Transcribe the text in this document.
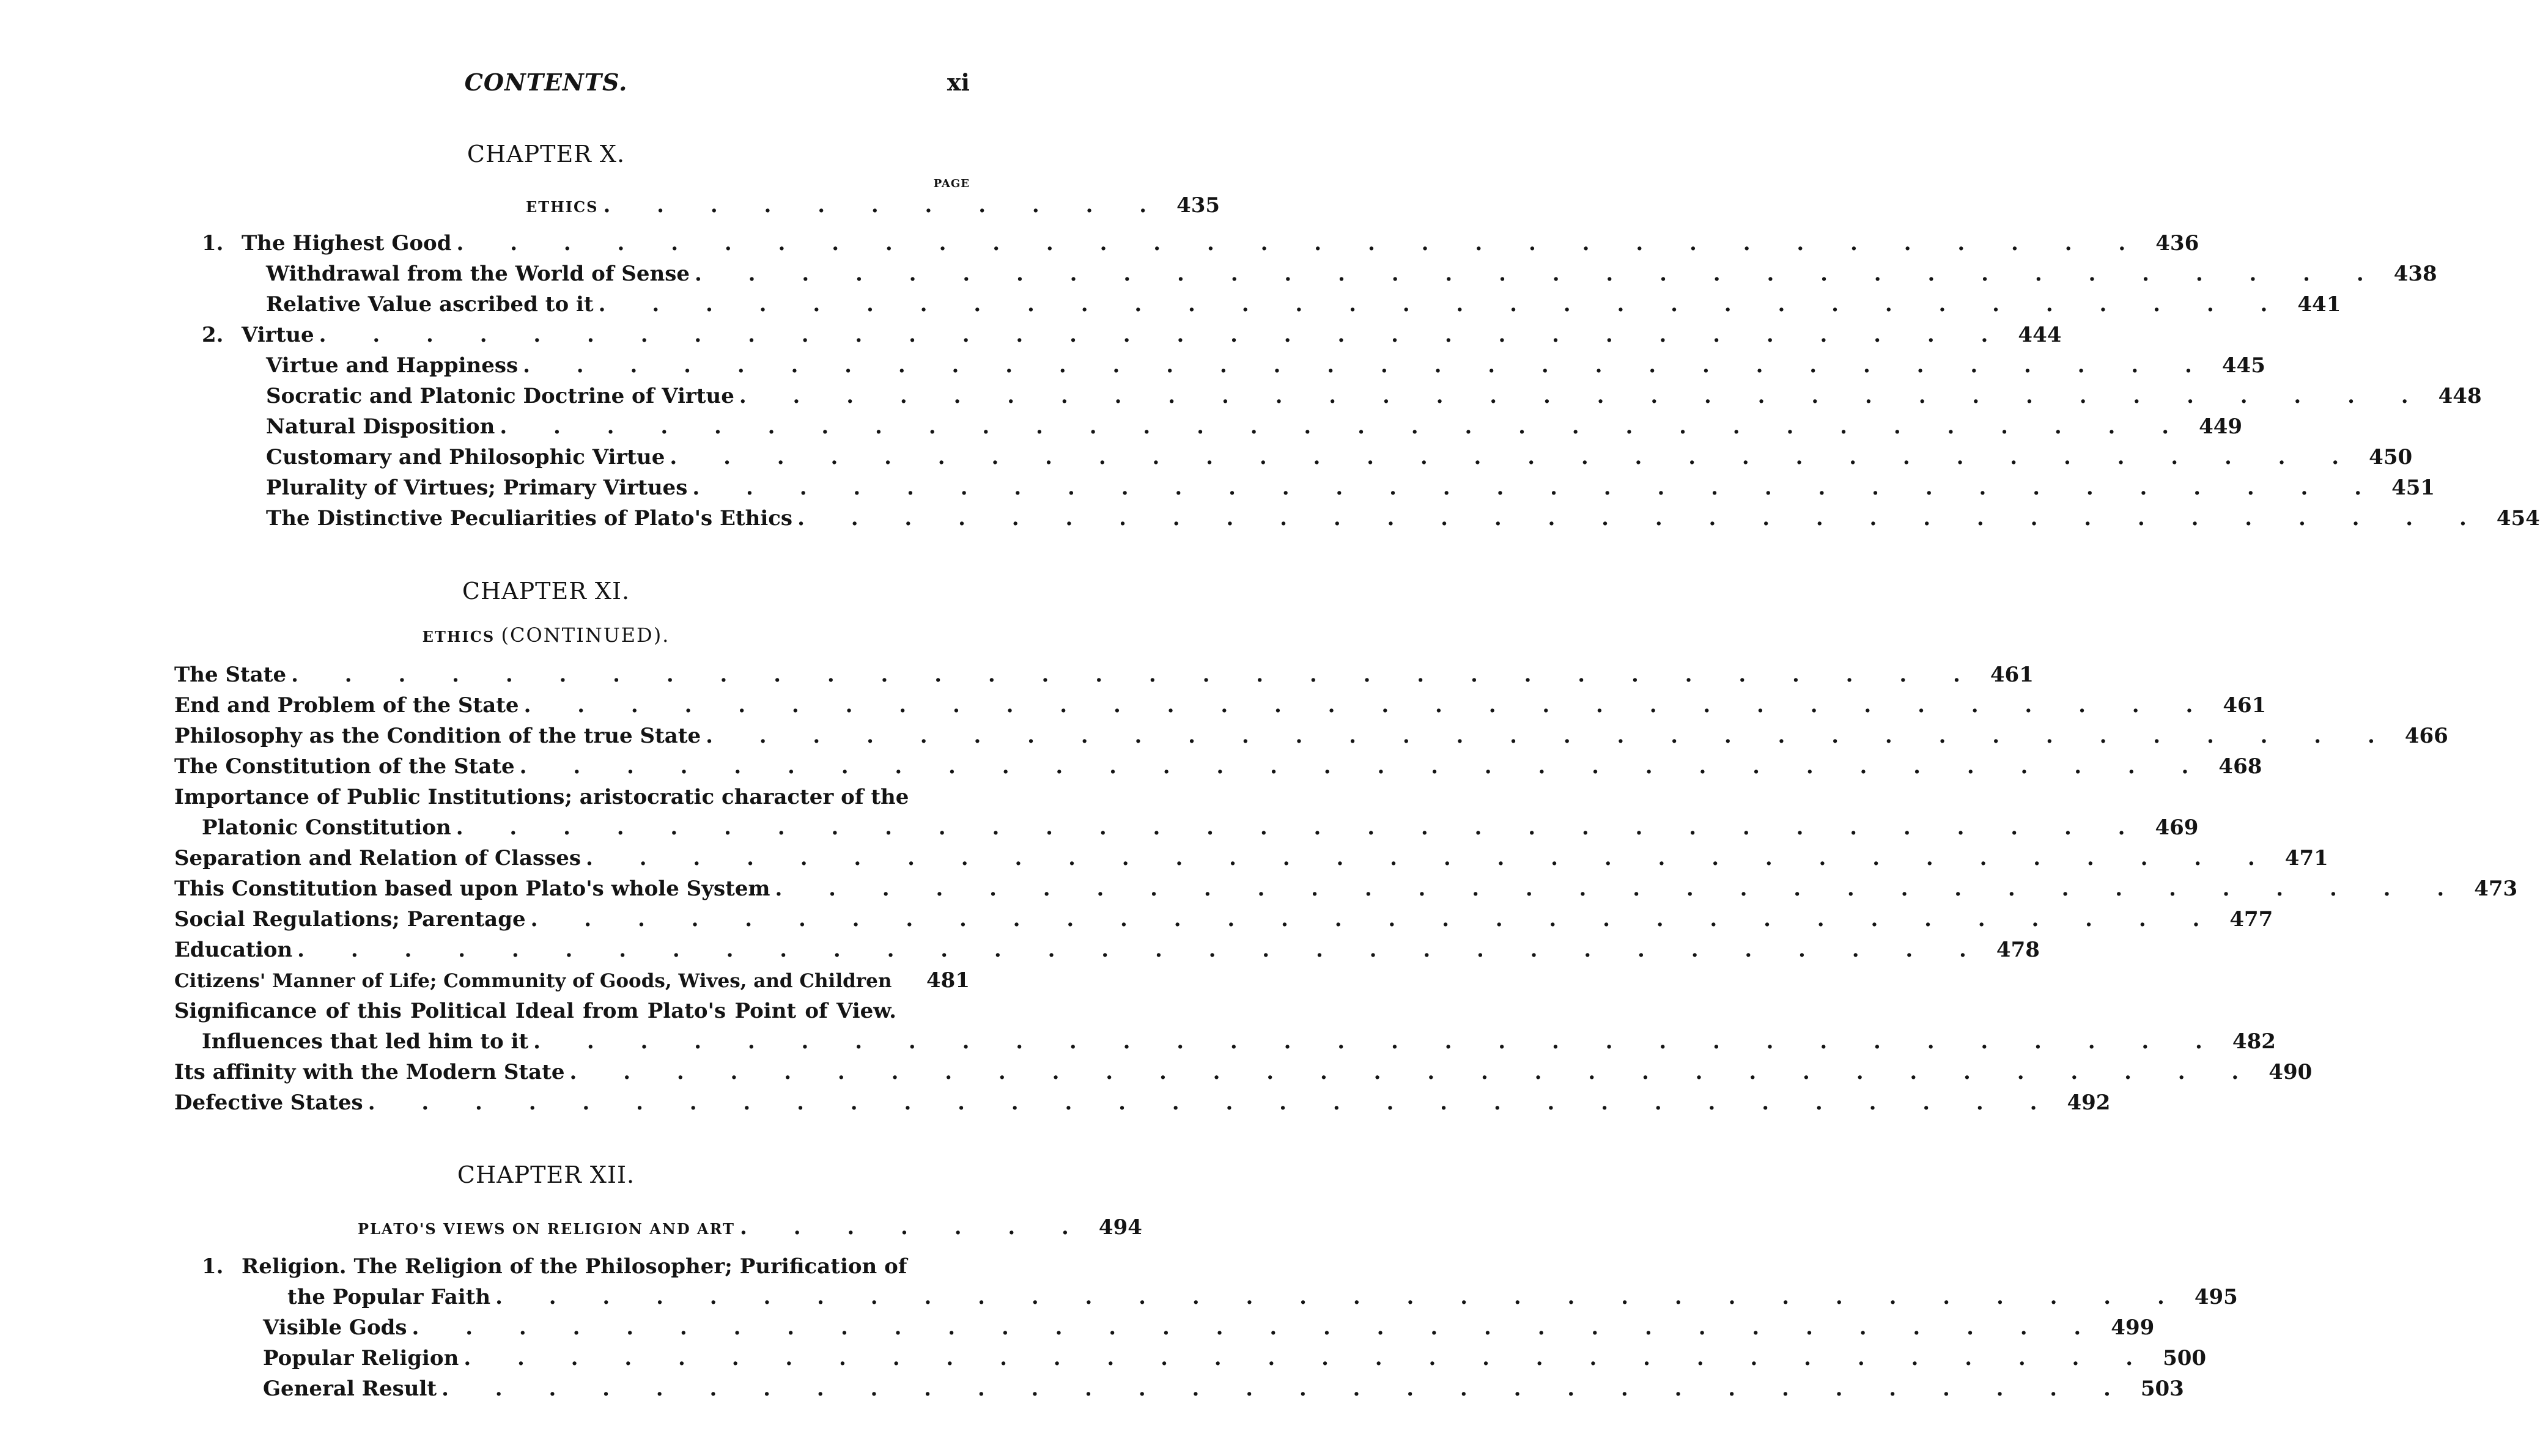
CONTENTS.	xi
CHAPTER X.
PAGE
ETHICS . . . . . . . . . . . 435
1. The Highest Good . . . . . . . . . . . . . . . . . . . . . . . . . . . . . . . . 436
Withdrawal from the World of Sense . . . . . . . . . . . . . . . . . . . . . . . . . . . . . . . . 438
Relative Value ascribed to it . . . . . . . . . . . . . . . . . . . . . . . . . . . . . . . . 441
2. Virtue . . . . . . . . . . . . . . . . . . . . . . . . . . . . . . . . 444
Virtue and Happiness . . . . . . . . . . . . . . . . . . . . . . . . . . . . . . . . 445
Socratic and Platonic Doctrine of Virtue . . . . . . . . . . . . . . . . . . . . . . . . . . . . . . . . 448
Natural Disposition . . . . . . . . . . . . . . . . . . . . . . . . . . . . . . . . 449
Customary and Philosophic Virtue . . . . . . . . . . . . . . . . . . . . . . . . . . . . . . . . 450
Plurality of Virtues; Primary Virtues . . . . . . . . . . . . . . . . . . . . . . . . . . . . . . . . 451
The Distinctive Peculiarities of Plato's Ethics . . . . . . . . . . . . . . . . . . . . . . . . . . . . . . . . 454
CHAPTER XI.
ETHICS (CONTINUED).
The State . . . . . . . . . . . . . . . . . . . . . . . . . . . . . . . . 461
End and Problem of the State . . . . . . . . . . . . . . . . . . . . . . . . . . . . . . . . 461
Philosophy as the Condition of the true State . . . . . . . . . . . . . . . . . . . . . . . . . . . . . . . . 466
The Constitution of the State . . . . . . . . . . . . . . . . . . . . . . . . . . . . . . . . 468
Importance of Public Institutions; aristocratic character of the
Platonic Constitution . . . . . . . . . . . . . . . . . . . . . . . . . . . . . . . . 469
Separation and Relation of Classes . . . . . . . . . . . . . . . . . . . . . . . . . . . . . . . . 471
This Constitution based upon Plato's whole System . . . . . . . . . . . . . . . . . . . . . . . . . . . . . . . . 473
Social Regulations; Parentage . . . . . . . . . . . . . . . . . . . . . . . . . . . . . . . . 477
Education . . . . . . . . . . . . . . . . . . . . . . . . . . . . . . . . 478
Citizens' Manner of Life; Community of Goods, Wives, and Children 481
Significance of this Political Ideal from Plato's Point of View.
Influences that led him to it . . . . . . . . . . . . . . . . . . . . . . . . . . . . . . . . 482
Its affinity with the Modern State . . . . . . . . . . . . . . . . . . . . . . . . . . . . . . . . 490
Defective States . . . . . . . . . . . . . . . . . . . . . . . . . . . . . . . . 492
CHAPTER XII.
PLATO'S VIEWS ON RELIGION AND ART . . . . . . . 494
1. Religion. The Religion of the Philosopher; Purification of
the Popular Faith . . . . . . . . . . . . . . . . . . . . . . . . . . . . . . . . 495
Visible Gods . . . . . . . . . . . . . . . . . . . . . . . . . . . . . . . . 499
Popular Religion . . . . . . . . . . . . . . . . . . . . . . . . . . . . . . . . 500
General Result . . . . . . . . . . . . . . . . . . . . . . . . . . . . . . . . 503
